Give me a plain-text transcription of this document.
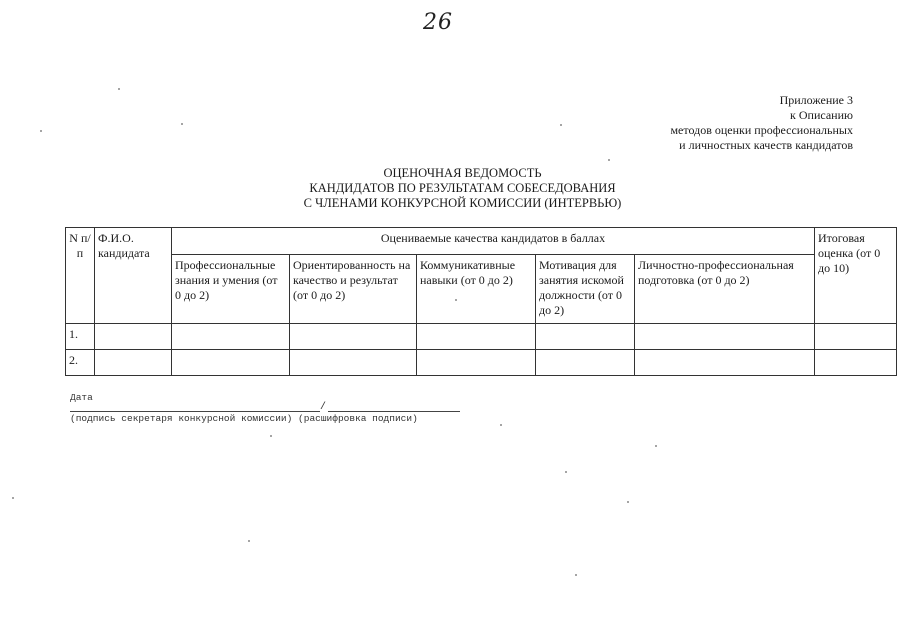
26
Приложение 3
к Описанию
методов оценки профессиональных
и личностных качеств кандидатов
ОЦЕНОЧНАЯ ВЕДОМОСТЬ
КАНДИДАТОВ ПО РЕЗУЛЬТАТАМ СОБЕСЕДОВАНИЯ
С ЧЛЕНАМИ КОНКУРСНОЙ КОМИССИИ (ИНТЕРВЬЮ)
N п/п	Ф.И.О. кандидата	Оцениваемые качества кандидатов в баллах					Итоговая оценка (от 0 до 10)
		Профессиональные знания и умения (от 0 до 2)	Ориентированность на качество и результат (от 0 до 2)	Коммуникативные навыки (от 0 до 2)	Мотивация для занятия искомой должности (от 0 до 2)	Личностно-профессиональная подготовка (от 0 до 2)	
1.							
2.							
Дата
/
(подпись секретаря конкурсной комиссии) (расшифровка подписи)
